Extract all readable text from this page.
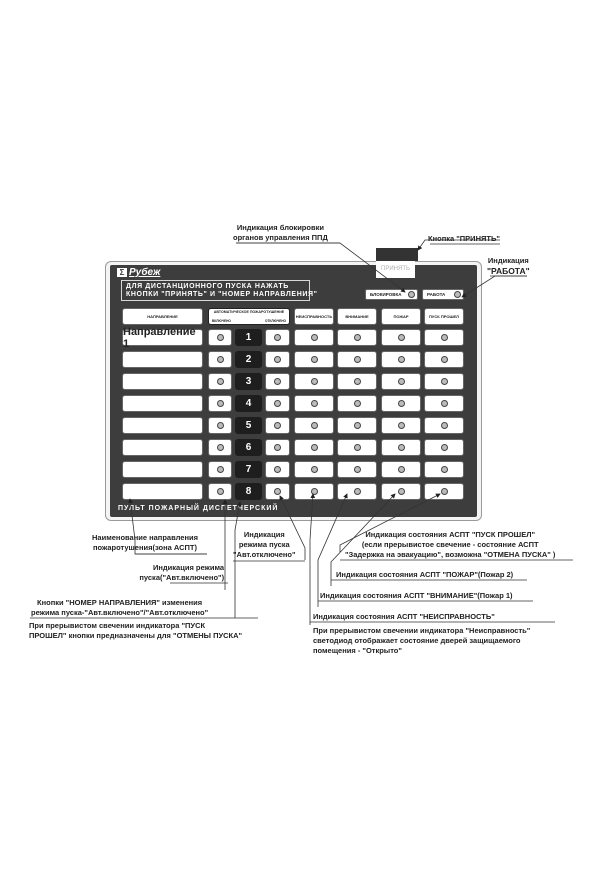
Σ Рубеж
ДЛЯ ДИСТАНЦИОННОГО ПУСКА НАЖАТЬ
КНОПКИ "ПРИНЯТЬ" И "НОМЕР НАПРАВЛЕНИЯ"
ПРИНЯТЬ
БЛОКИРОВКА	РАБОТА
НАПРАВЛЕНИЕ
АВТОМАТИЧЕСКОЕ ПОЖАРОТУШЕНИЕ
ВКЛЮЧЕНО	ОТКЛЮЧЕНО
НЕИСПРАВНОСТЬ	ВНИМАНИЕ	ПОЖАР	ПУСК ПРОШЕЛ
Направление 1	1
2
3
4
5
6
7
8
ПУЛЬТ ПОЖАРНЫЙ ДИСПЕТЧЕРСКИЙ
Индикация блокировки
органов управления ППД	Кнопка "ПРИНЯТЬ"
Индикация
"РАБОТА"
Наименование направления
пожаротушения(зона АСПТ)
Индикация
режима пуска
"Авт.отключено"
Индикация режима
пуска("Авт.включено")
Кнопки "НОМЕР НАПРАВЛЕНИЯ" изменения
режима пуска-"Авт.включено"/"Авт.отключено"
При прерывистом свечении индикатора "ПУСК
ПРОШЕЛ" кнопки предназначены для "ОТМЕНЫ ПУСКА"
Индикация состояния АСПТ "ПУСК ПРОШЕЛ"
(если прерывистое свечение - состояние АСПТ
"Задержка на эвакуацию", возможна "ОТМЕНА ПУСКА" )
Индикация состояния АСПТ "ПОЖАР"(Пожар 2)
Индикация состояния АСПТ "ВНИМАНИЕ"(Пожар 1)
Индикация состояния АСПТ "НЕИСПРАВНОСТЬ"
При прерывистом свечении индикатора "Неисправность"
светодиод отображает состояние дверей защищаемого
помещения - "Открыто"
